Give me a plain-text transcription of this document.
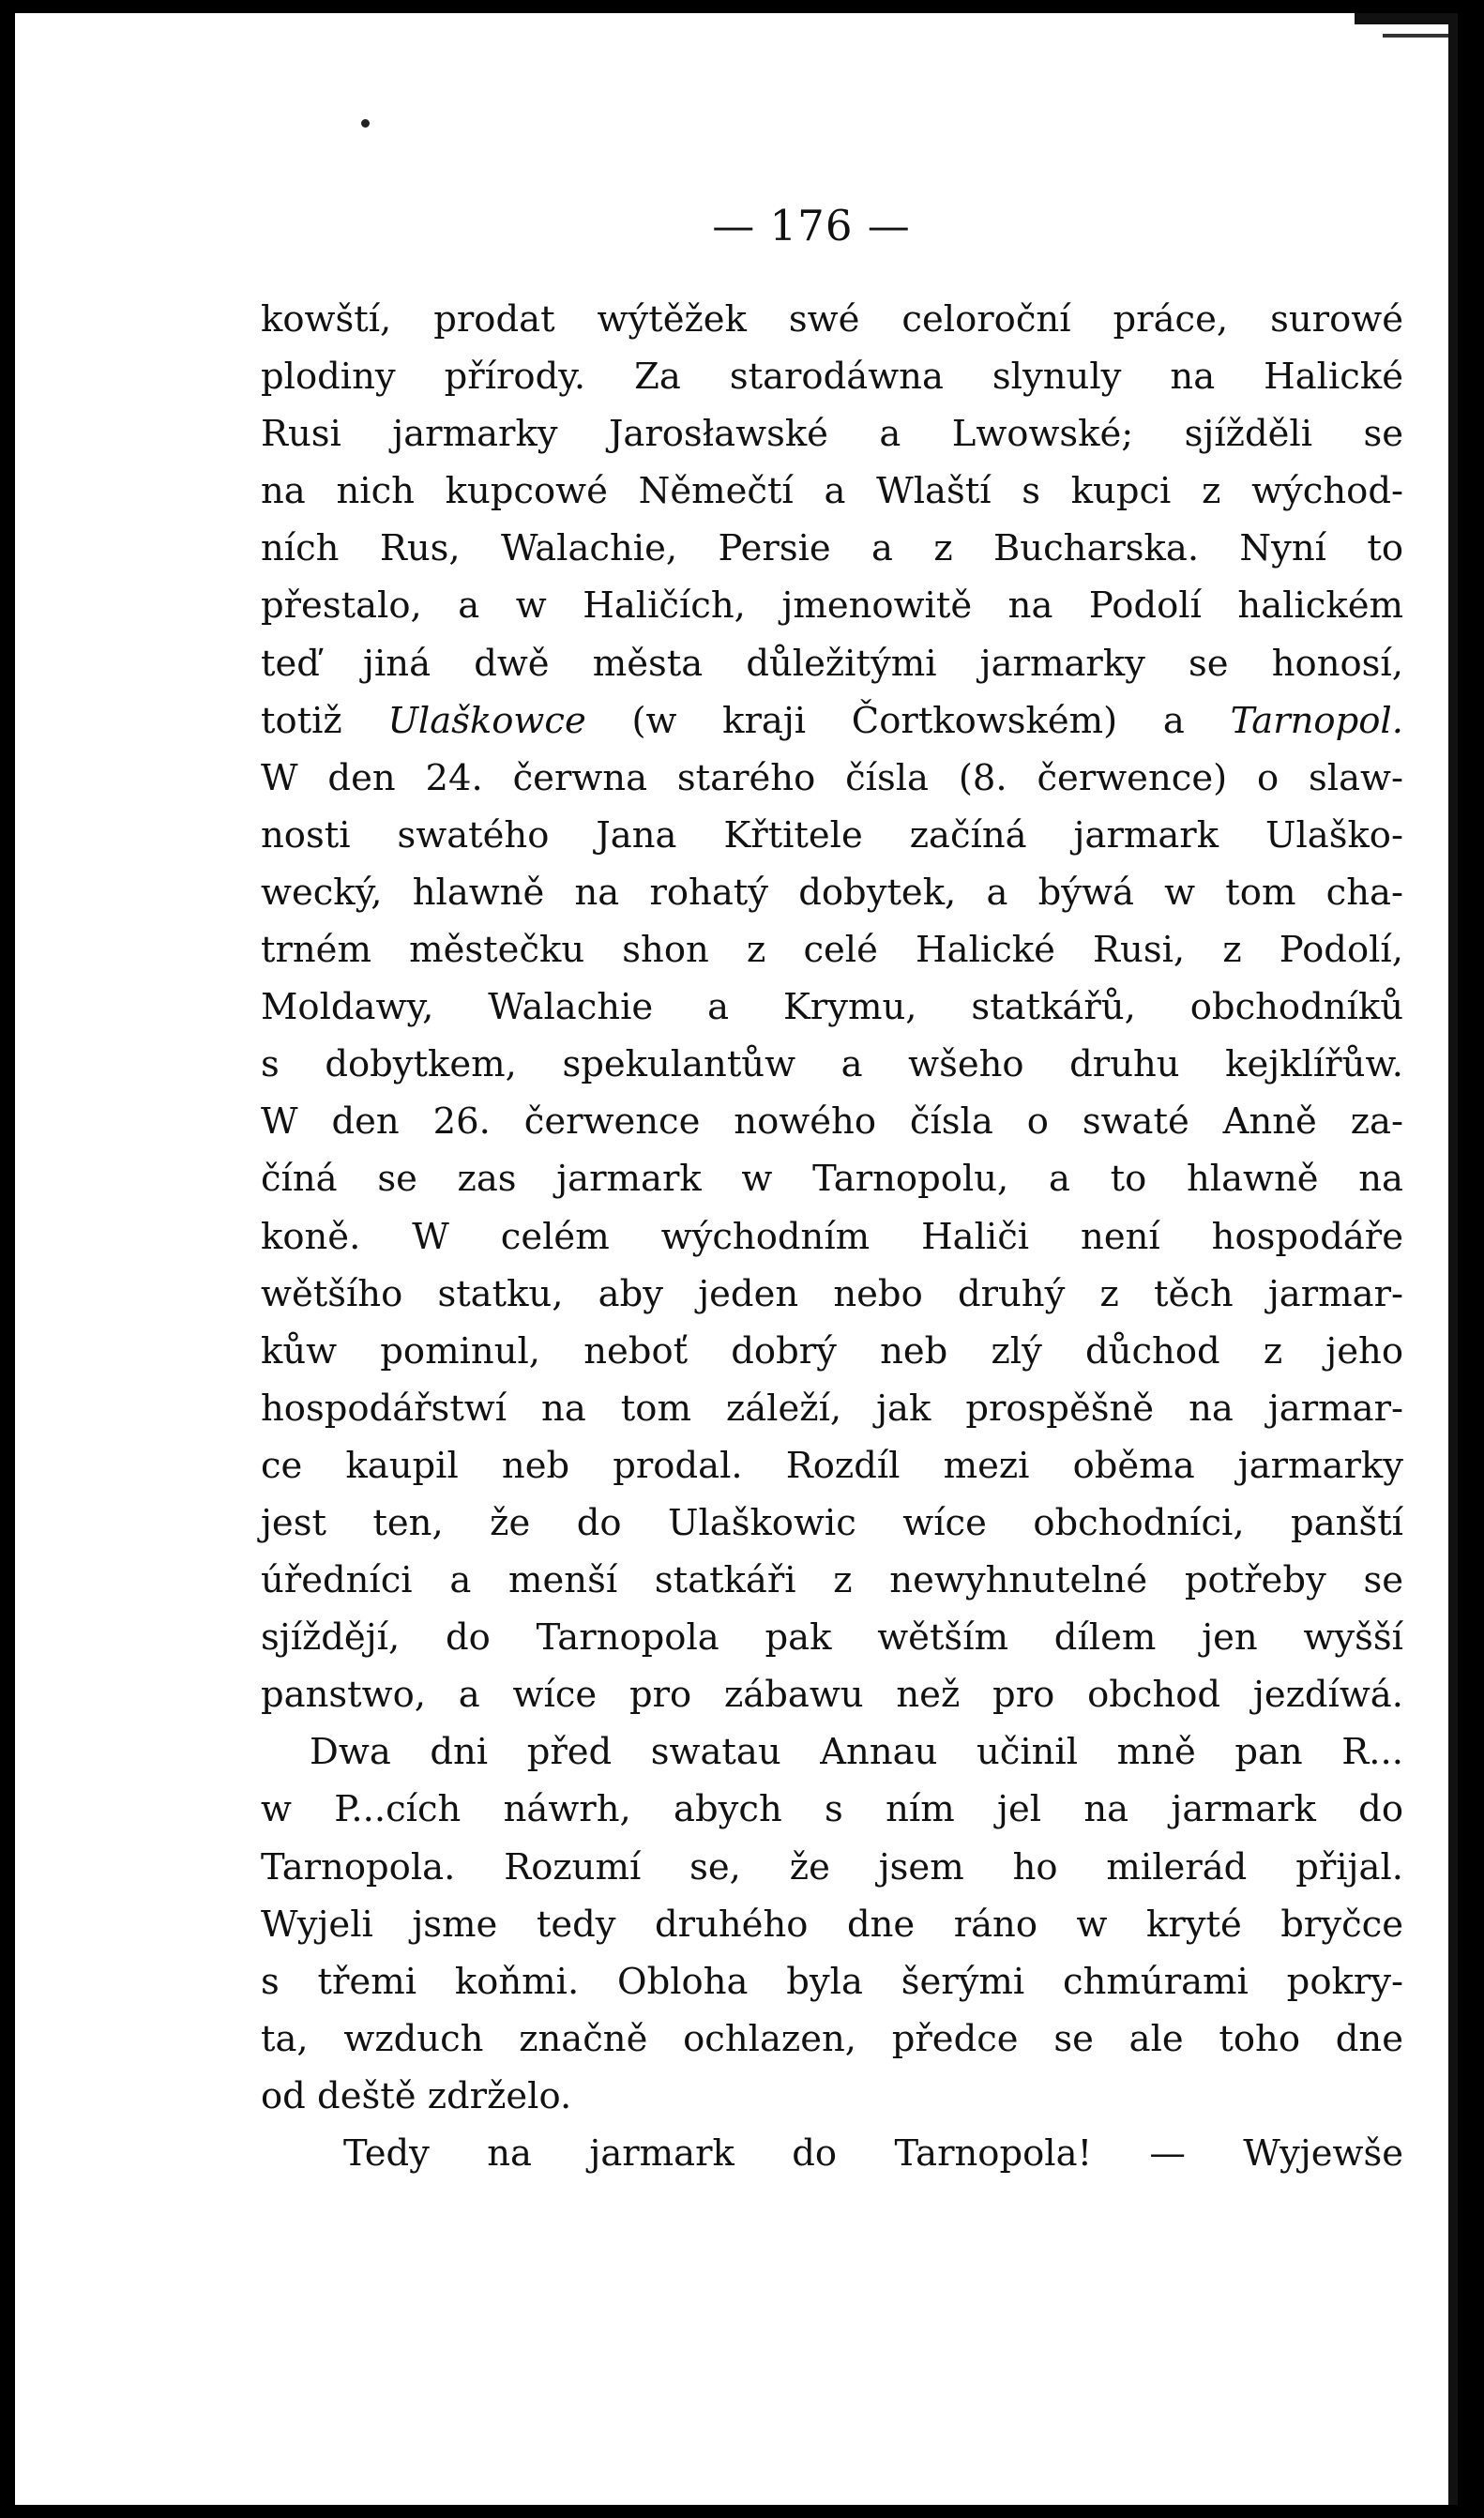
— 176 —
kowští, prodat wýtěžek swé celoroční práce, surowé
plodiny přírody. Za starodáwna slynuly na Halické
Rusi jarmarky Jarosławské a Lwowské; sjížděli se
na nich kupcowé Němečtí a Wlaští s kupci z wýchod-
ních Rus, Walachie, Persie a z Bucharska. Nyní to
přestalo, a w Haličích, jmenowitě na Podolí halickém
teď jiná dwě města důležitými jarmarky se honosí,
totiž Ulaškowce (w kraji Čortkowském) a Tarnopol.
W den 24. čerwna starého čísla (8. čerwence) o slaw-
nosti swatého Jana Křtitele začíná jarmark Ulaško-
wecký, hlawně na rohatý dobytek, a býwá w tom cha-
trném městečku shon z celé Halické Rusi, z Podolí,
Moldawy, Walachie a Krymu, statkářů, obchodníků
s dobytkem, spekulantůw a wšeho druhu kejklířůw.
W den 26. čerwence nowého čísla o swaté Anně za-
číná se zas jarmark w Tarnopolu, a to hlawně na
koně. W celém wýchodním Haliči není hospodáře
wětšího statku, aby jeden nebo druhý z těch jarmar-
kůw pominul, neboť dobrý neb zlý důchod z jeho
hospodářstwí na tom záleží, jak prospěšně na jarmar-
ce kaupil neb prodal. Rozdíl mezi oběma jarmarky
jest ten, že do Ulaškowic wíce obchodníci, panští
úředníci a menší statkáři z newyhnutelné potřeby se
sjíždějí, do Tarnopola pak wětším dílem jen wyšší
panstwo, a wíce pro zábawu než pro obchod jezdíwá.
Dwa dni před swatau Annau učinil mně pan R...
w P...cích náwrh, abych s ním jel na jarmark do
Tarnopola. Rozumí se, že jsem ho milerád přijal.
Wyjeli jsme tedy druhého dne ráno w kryté bryčce
s třemi koňmi. Obloha byla šerými chmúrami pokry-
ta, wzduch značně ochlazen, předce se ale toho dne
od deště zdrželo.
Tedy na jarmark do Tarnopola! — Wyjewše
